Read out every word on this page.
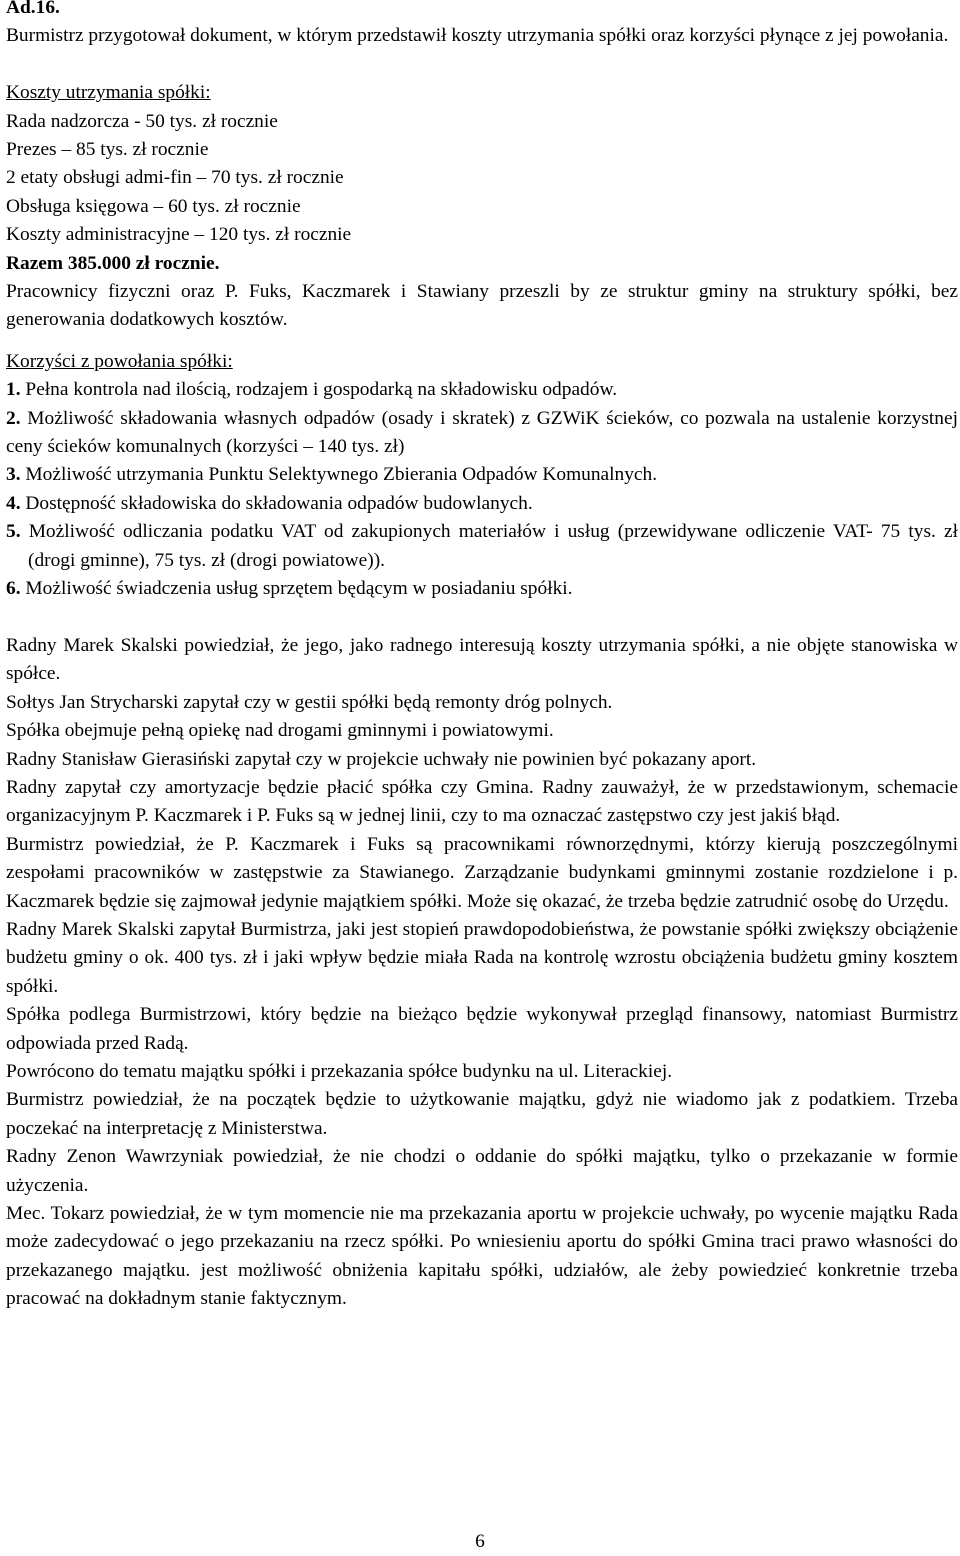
Ad.16.

Burmistrz przygotował dokument, w którym przedstawił koszty utrzymania spółki oraz korzyści płynące z jej powołania.

Koszty utrzymania spółki:

Rada nadzorcza - 50 tys. zł rocznie

Prezes – 85 tys. zł rocznie

2 etaty obsługi admi-fin – 70 tys. zł rocznie

Obsługa księgowa – 60 tys. zł rocznie

Koszty administracyjne – 120 tys. zł rocznie

Razem 385.000 zł rocznie.

Pracownicy fizyczni oraz P. Fuks, Kaczmarek i Stawiany przeszli by ze struktur gminy na struktury spółki, bez generowania dodatkowych kosztów.

Korzyści z powołania spółki:

1. Pełna kontrola nad ilością, rodzajem i gospodarką na składowisku odpadów.

2. Możliwość składowania własnych odpadów (osady i skratek) z GZWiK ścieków, co pozwala na ustalenie korzystnej ceny ścieków komunalnych (korzyści – 140 tys. zł)

3. Możliwość utrzymania Punktu Selektywnego Zbierania Odpadów Komunalnych.

4. Dostępność składowiska do składowania odpadów budowlanych.

5. Możliwość odliczania podatku VAT od zakupionych materiałów i usług (przewidywane odliczenie VAT- 75 tys. zł (drogi gminne), 75 tys. zł (drogi powiatowe)).

6. Możliwość świadczenia usług sprzętem będącym w posiadaniu spółki.

Radny Marek Skalski powiedział, że jego, jako radnego interesują koszty utrzymania spółki, a nie objęte stanowiska w spółce.

Sołtys Jan Strycharski zapytał czy w gestii spółki będą remonty dróg polnych.

Spółka obejmuje pełną opiekę nad drogami gminnymi i powiatowymi.

Radny Stanisław Gierasiński zapytał czy w projekcie uchwały nie powinien być pokazany aport.

Radny zapytał czy amortyzacje będzie płacić spółka czy Gmina. Radny zauważył, że w przedstawionym, schemacie organizacyjnym P. Kaczmarek i P. Fuks są w jednej linii, czy to ma oznaczać zastępstwo czy jest jakiś błąd.

Burmistrz powiedział, że P. Kaczmarek i Fuks są pracownikami równorzędnymi, którzy kierują poszczególnymi zespołami pracowników w zastępstwie za Stawianego. Zarządzanie budynkami gminnymi zostanie rozdzielone i p. Kaczmarek będzie się zajmował jedynie majątkiem spółki. Może się okazać, że trzeba będzie zatrudnić osobę do Urzędu.

Radny Marek Skalski zapytał Burmistrza, jaki jest stopień prawdopodobieństwa, że powstanie spółki zwiększy obciążenie budżetu gminy o ok. 400 tys. zł i jaki wpływ będzie miała Rada na kontrolę wzrostu obciążenia budżetu gminy kosztem spółki.

Spółka podlega Burmistrzowi, który będzie na bieżąco będzie wykonywał przegląd finansowy, natomiast Burmistrz odpowiada przed Radą.

Powrócono do tematu majątku spółki i przekazania spółce budynku na ul. Literackiej.

Burmistrz powiedział, że na początek będzie to użytkowanie majątku, gdyż nie wiadomo jak z podatkiem. Trzeba poczekać na interpretację z Ministerstwa.

Radny Zenon Wawrzyniak powiedział, że nie chodzi o oddanie do spółki majątku, tylko o przekazanie w formie użyczenia.

Mec. Tokarz powiedział, że w tym momencie nie ma przekazania aportu w projekcie uchwały, po wycenie majątku Rada może zadecydować o jego przekazaniu na rzecz spółki. Po wniesieniu aportu do spółki Gmina traci prawo własności do przekazanego majątku. jest możliwość obniżenia kapitału spółki, udziałów, ale żeby powiedzieć konkretnie trzeba pracować na dokładnym stanie faktycznym.

6
